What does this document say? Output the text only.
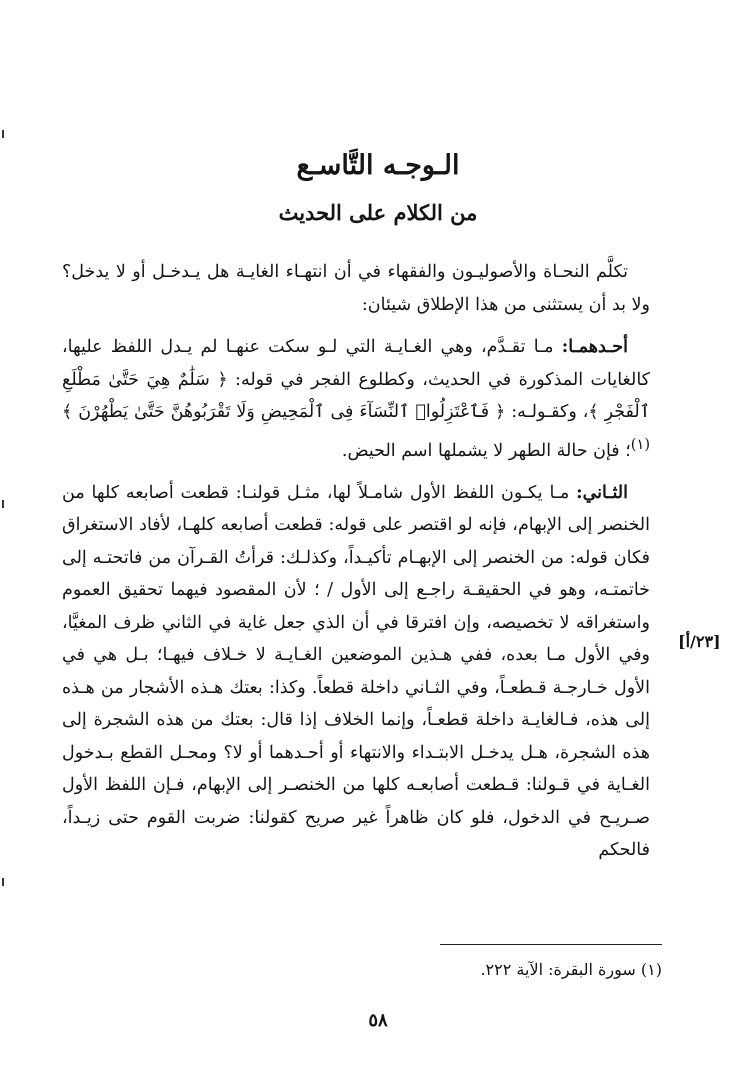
الـوجـه التَّاسـع
من الكلام على الحديث

تكلَّم النحـاة والأصوليـون والفقهاء في أن انتهـاء الغايـة هل يـدخـل أو لا يدخل؟ ولا بد أن يستثنى من هذا الإطلاق شيئان:

أحـدهمـا: مـا تقـدَّم، وهي الغـايـة التي لـو سكت عنهـا لم يـدل اللفظ عليها، كالغايات المذكورة في الحديث، وكطلوع الفجر في قوله: ﴿ سَلَٰمٌ هِيَ حَتَّىٰ مَطْلَعِ ٱلْفَجْرِ ﴾، وكقـولـه: ﴿ فَٱعْتَزِلُوا۟ ٱلنِّسَآءَ فِى ٱلْمَحِيضِ وَلَا تَقْرَبُوهُنَّ حَتَّىٰ يَطْهُرْنَ ﴾$^{(١)}$؛ فإن حالة الطهر لا يشملها اسم الحيض.

الثـاني: مـا يكـون اللفظ الأول شامـلاً لها، مثـل قولنـا: قطعت أصابعه كلها من الخنصر إلى الإبهام، فإنه لو اقتصر على قوله: قطعت أصابعه كلهـا، لأفاد الاستغراق فكان قوله: من الخنصر إلى الإبهـام تأكيـداً، وكذلـك: قرأتُ القـرآن من فاتحتـه إلى خاتمتـه، وهو في الحقيقـة راجـع إلى الأول / ؛ لأن المقصود فيهما تحقيق العموم واستغراقه لا تخصيصه، وإن افترقا في أن الذي جعل غاية في الثاني ظرف المغيَّا، وفي الأول مـا بعده، ففي هـذين الموضعين الغـايـة لا خـلاف فيهـا؛ بـل هي في الأول خـارجـة قـطعـاً، وفي الثـاني داخلة قطعاً. وكذا: بعتك هـذه الأشجار من هـذه إلى هذه، فـالغايـة داخلة قطعـاً، وإنما الخلاف إذا قال: بعتك من هذه الشجرة إلى هذه الشجرة، هـل يدخـل الابتـداء والانتهاء أو أحـدهما أو لا؟ ومحـل القطع بـدخول الغـاية في قـولنا: قـطعت أصابعـه كلها من الخنصـر إلى الإبهام، فـإن اللفظ الأول صـريـح في الدخول، فلو كان ظاهراً غير صريح كقولنا: ضربت القوم حتى زيـداً، فالحكم

[٢٣/أ]
(١) سورة البقرة: الآية ٢٢٢.
٥٨
